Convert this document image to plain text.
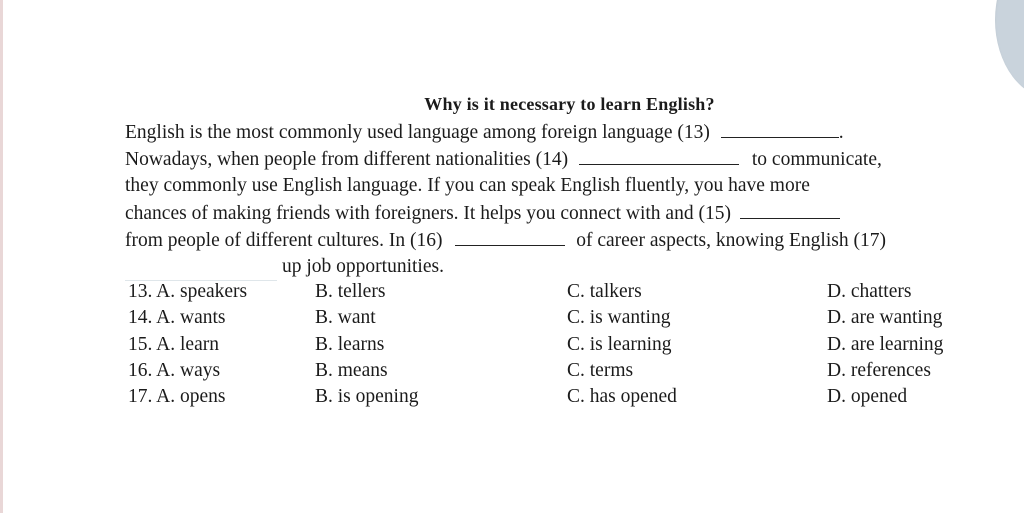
Why is it necessary to learn English?
English is the most commonly used language among foreign language (13)	.
Nowadays, when people from different nationalities (14)	to communicate,
they commonly use English language. If you can speak English fluently, you have more
chances of making friends with foreigners. It helps you connect with and (15)
from people of different cultures. In (16)	of career aspects, knowing English (17)
up job opportunities.
13. A. speakers	B. tellers	C. talkers	D. chatters
14. A. wants	B. want	C. is wanting	D. are wanting
15. A. learn	B. learns	C. is learning	D. are learning
16. A. ways	B. means	C. terms	D. references
17. A. opens	B. is opening	C. has opened	D. opened
